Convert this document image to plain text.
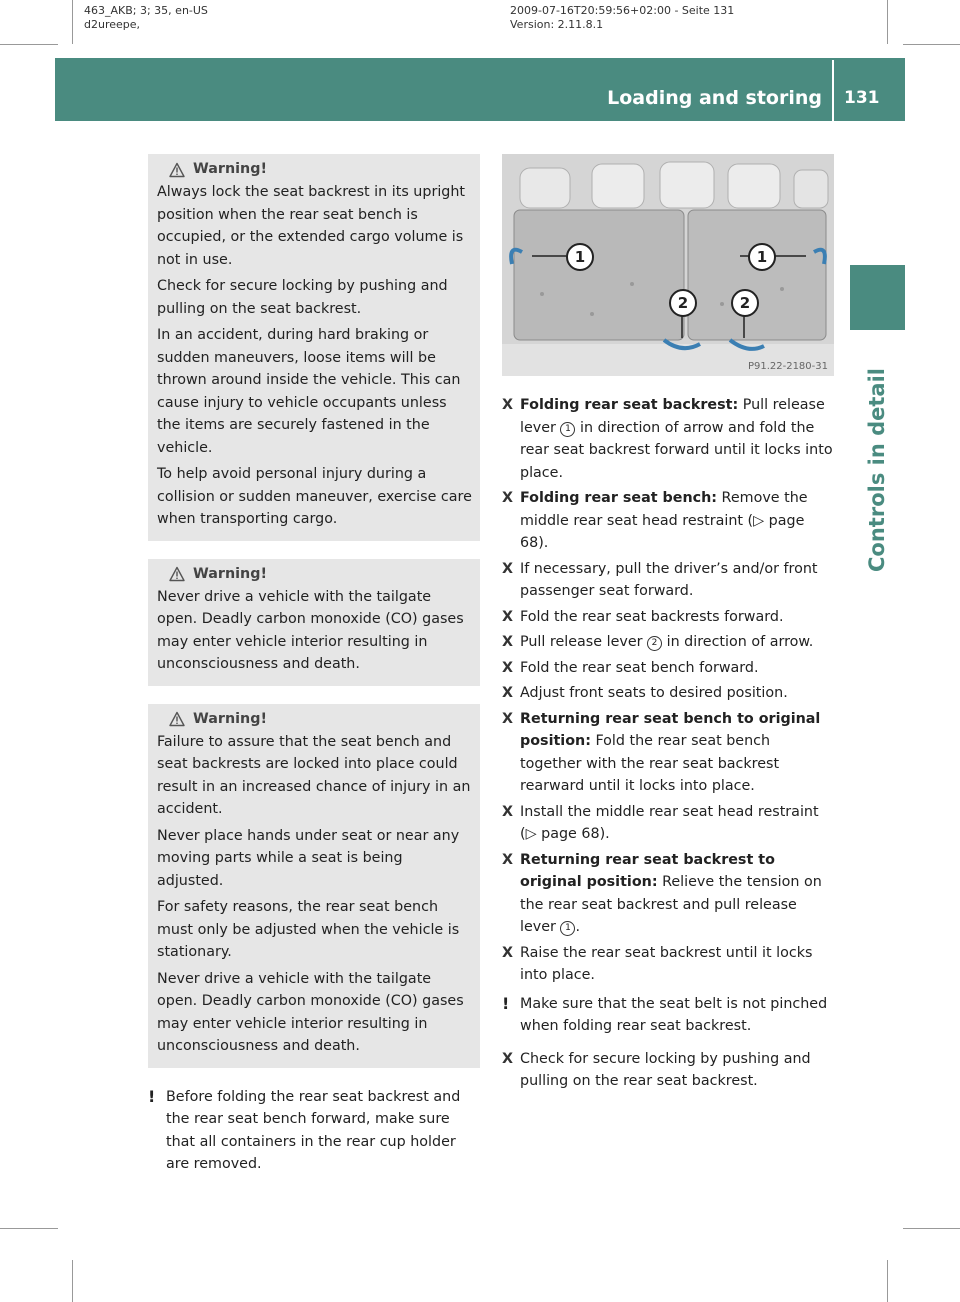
463_AKB; 3; 35, en-US
d2ureepe,
2009-07-16T20:59:56+02:00 - Seite 131
Version: 2.11.8.1
Loading and storing 131
Controls in detail
Warning!

Always lock the seat backrest in its upright position when the rear seat bench is occupied, or the extended cargo volume is not in use.

Check for secure locking by pushing and pulling on the seat backrest.

In an accident, during hard braking or sudden maneuvers, loose items will be thrown around inside the vehicle. This can cause injury to vehicle occupants unless the items are securely fastened in the vehicle.

To help avoid personal injury during a collision or sudden maneuver, exercise care when transporting cargo.

Warning!

Never drive a vehicle with the tailgate open. Deadly carbon monoxide (CO) gases may enter vehicle interior resulting in unconsciousness and death.

Warning!

Failure to assure that the seat bench and seat backrests are locked into place could result in an increased chance of injury in an accident.

Never place hands under seat or near any moving parts while a seat is being adjusted.

For safety reasons, the rear seat bench must only be adjusted when the vehicle is stationary.

Never drive a vehicle with the tailgate open. Deadly carbon monoxide (CO) gases may enter vehicle interior resulting in unconsciousness and death.

! Before folding the rear seat backrest and the rear seat bench forward, make sure that all containers in the rear cup holder are removed.
1	1
2	2
P91.22-2180-31
X Folding rear seat backrest: Pull release lever 1 in direction of arrow and fold the rear seat backrest forward until it locks into place.
X Folding rear seat bench: Remove the middle rear seat head restraint (▷ page 68).
X If necessary, pull the driver’s and/or front passenger seat forward.
X Fold the rear seat backrests forward.
X Pull release lever 2 in direction of arrow.
X Fold the rear seat bench forward.
X Adjust front seats to desired position.
X Returning rear seat bench to original position: Fold the rear seat bench together with the rear seat backrest rearward until it locks into place.
X Install the middle rear seat head restraint (▷ page 68).
X Returning rear seat backrest to original position: Relieve the tension on the rear seat backrest and pull release lever 1 .
X Raise the rear seat backrest until it locks into place.
! Make sure that the seat belt is not pinched when folding rear seat backrest.
X Check for secure locking by pushing and pulling on the rear seat backrest.
